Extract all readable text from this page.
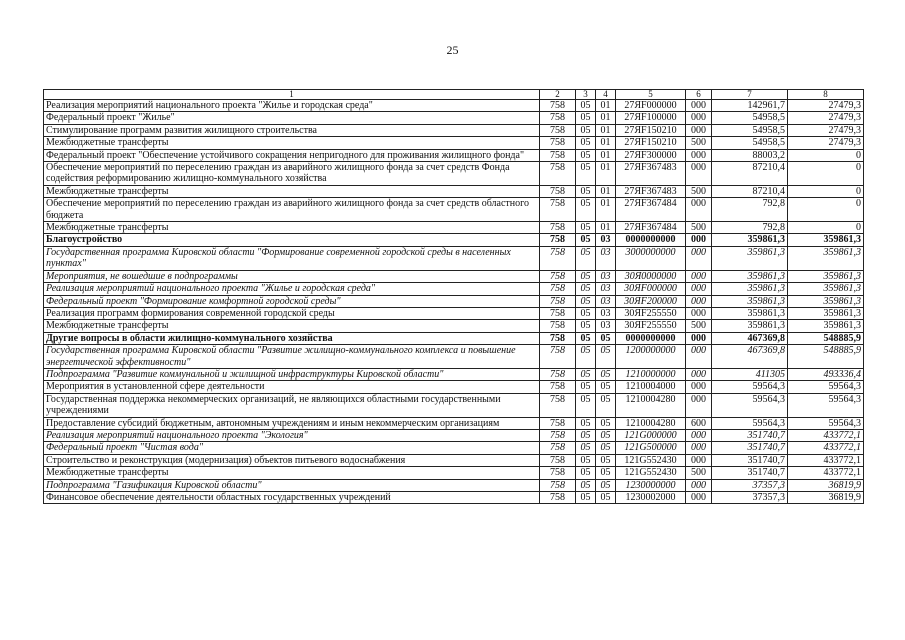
25
1	2	3	4	5	6	7	8
Реализация мероприятий национального проекта "Жилье и городская среда"	758	05	01	27ЯF000000	000	142961,7	27479,3
Федеральный проект "Жилье"	758	05	01	27ЯF100000	000	54958,5	27479,3
Стимулирование программ развития жилищного строительства	758	05	01	27ЯF150210	000	54958,5	27479,3
Межбюджетные трансферты	758	05	01	27ЯF150210	500	54958,5	27479,3
Федеральный проект "Обеспечение устойчивого сокращения непригодного для проживания жилищного фонда"	758	05	01	27ЯF300000	000	88003,2	0
Обеспечение мероприятий по переселению граждан из аварийного жилищного фонда за счет средств Фонда содействия реформированию жилищно-коммунального хозяйства	758	05	01	27ЯF367483	000	87210,4	0
Межбюджетные трансферты	758	05	01	27ЯF367483	500	87210,4	0
Обеспечение мероприятий по переселению граждан из аварийного жилищного фонда за счет средств областного бюджета	758	05	01	27ЯF367484	000	792,8	0
Межбюджетные трансферты	758	05	01	27ЯF367484	500	792,8	0
Благоустройство	758	05	03	0000000000	000	359861,3	359861,3
Государственная программа Кировской области "Формирование современной городской среды в населенных пунктах"	758	05	03	3000000000	000	359861,3	359861,3
Мероприятия, не вошедшие в подпрограммы	758	05	03	30Я0000000	000	359861,3	359861,3
Реализация мероприятий национального проекта "Жилье и городская среда"	758	05	03	30ЯF000000	000	359861,3	359861,3
Федеральный проект "Формирование комфортной городской среды"	758	05	03	30ЯF200000	000	359861,3	359861,3
Реализация программ формирования современной городской среды	758	05	03	30ЯF255550	000	359861,3	359861,3
Межбюджетные трансферты	758	05	03	30ЯF255550	500	359861,3	359861,3
Другие вопросы в области жилищно-коммунального хозяйства	758	05	05	0000000000	000	467369,8	548885,9
Государственная программа Кировской области "Развитие жилищно-коммунального комплекса и повышение энергетической эффективности"	758	05	05	1200000000	000	467369,8	548885,9
Подпрограмма "Развитие коммунальной и жилищной инфраструктуры Кировской области"	758	05	05	1210000000	000	411305	493336,4
Мероприятия в установленной сфере деятельности	758	05	05	1210004000	000	59564,3	59564,3
Государственная поддержка некоммерческих организаций, не являющихся областными государственными учреждениями	758	05	05	1210004280	000	59564,3	59564,3
Предоставление субсидий бюджетным, автономным учреждениям и иным некоммерческим организациям	758	05	05	1210004280	600	59564,3	59564,3
Реализация мероприятий национального проекта "Экология"	758	05	05	121G000000	000	351740,7	433772,1
Федеральный проект "Чистая вода"	758	05	05	121G500000	000	351740,7	433772,1
Строительство и реконструкция (модернизация) объектов питьевого водоснабжения	758	05	05	121G552430	000	351740,7	433772,1
Межбюджетные трансферты	758	05	05	121G552430	500	351740,7	433772,1
Подпрограмма "Газификация Кировской области"	758	05	05	1230000000	000	37357,3	36819,9
Финансовое обеспечение деятельности областных государственных учреждений	758	05	05	1230002000	000	37357,3	36819,9
